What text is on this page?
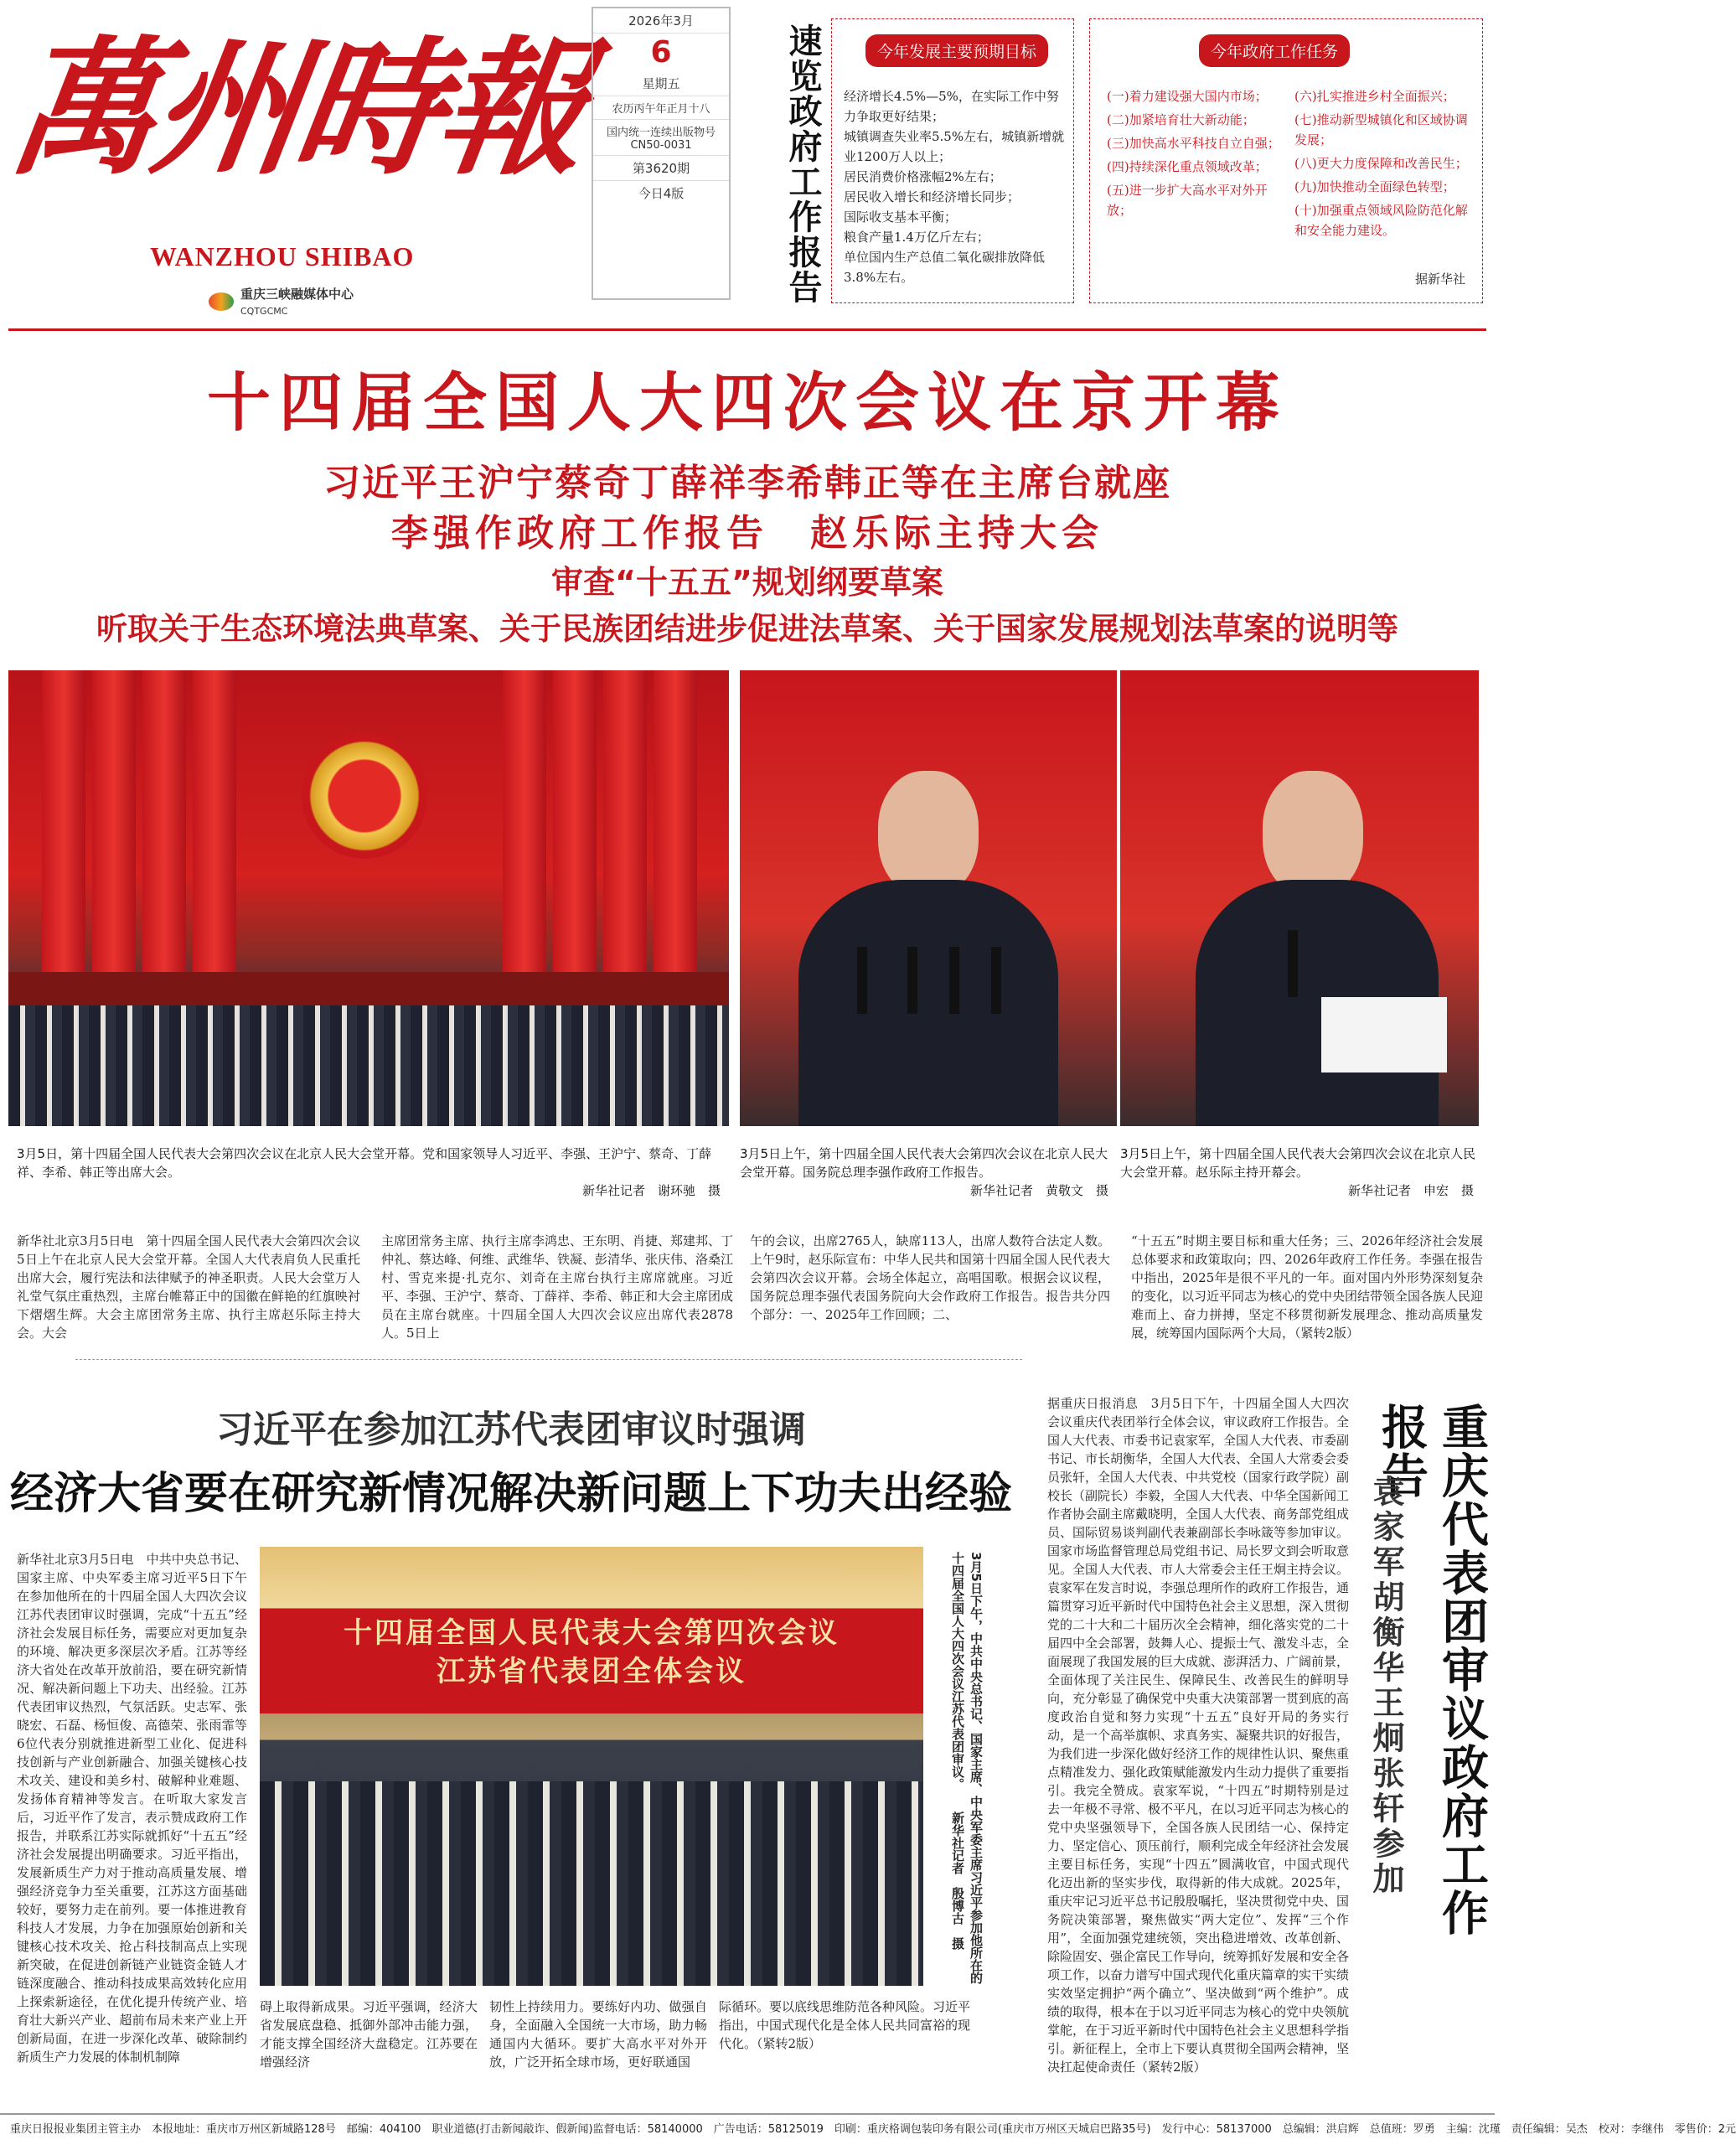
萬州時報
WANZHOU SHIBAO
重庆三峡融媒体中心
CQTGCMC
2026年3月
6
星期五
农历丙午年正月十八
国内统一连续出版物号
CN50-0031
第3620期
今日4版	速览政府工作报告	今年发展主要预期目标

经济增长4.5%—5%，在实际工作中努力争取更好结果；

城镇调查失业率5.5%左右，城镇新增就业1200万人以上；

居民消费价格涨幅2%左右；

居民收入增长和经济增长同步；

国际收支基本平衡；

粮食产量1.4万亿斤左右；

单位国内生产总值二氧化碳排放降低3.8%左右。

今年政府工作任务

(一)着力建设强大国内市场；

(二)加紧培育壮大新动能；

(三)加快高水平科技自立自强；

(四)持续深化重点领域改革；

(五)进一步扩大高水平对外开放；

(六)扎实推进乡村全面振兴；

(七)推动新型城镇化和区域协调发展；

(八)更大力度保障和改善民生；

(九)加快推动全面绿色转型；

(十)加强重点领域风险防范化解和安全能力建设。

据新华社
十四届全国人大四次会议在京开幕
习近平王沪宁蔡奇丁薛祥李希韩正等在主席台就座
李强作政府工作报告　赵乐际主持大会
审查“十五五”规划纲要草案
听取关于生态环境法典草案、关于民族团结进步促进法草案、关于国家发展规划法草案的说明等
3月5日，第十四届全国人民代表大会第四次会议在北京人民大会堂开幕。党和国家领导人习近平、李强、王沪宁、蔡奇、丁薛祥、李希、韩正等出席大会。
新华社记者　谢环驰　摄
3月5日上午，第十四届全国人民代表大会第四次会议在北京人民大会堂开幕。国务院总理李强作政府工作报告。
新华社记者　黄敬文　摄
3月5日上午，第十四届全国人民代表大会第四次会议在北京人民大会堂开幕。赵乐际主持开幕会。
新华社记者　申宏　摄
新华社北京3月5日电　第十四届全国人民代表大会第四次会议5日上午在北京人民大会堂开幕。全国人大代表肩负人民重托出席大会，履行宪法和法律赋予的神圣职责。人民大会堂万人礼堂气氛庄重热烈，主席台帷幕正中的国徽在鲜艳的红旗映衬下熠熠生辉。大会主席团常务主席、执行主席赵乐际主持大会。大会
主席团常务主席、执行主席李鸿忠、王东明、肖捷、郑建邦、丁仲礼、蔡达峰、何维、武维华、铁凝、彭清华、张庆伟、洛桑江村、雪克来提·扎克尔、刘奇在主席台执行主席席就座。习近平、李强、王沪宁、蔡奇、丁薛祥、李希、韩正和大会主席团成员在主席台就座。十四届全国人大四次会议应出席代表2878人。5日上
午的会议，出席2765人，缺席113人，出席人数符合法定人数。上午9时，赵乐际宣布：中华人民共和国第十四届全国人民代表大会第四次会议开幕。会场全体起立，高唱国歌。根据会议议程，国务院总理李强代表国务院向大会作政府工作报告。报告共分四个部分：一、2025年工作回顾；二、
“十五五”时期主要目标和重大任务；三、2026年经济社会发展总体要求和政策取向；四、2026年政府工作任务。李强在报告中指出，2025年是很不平凡的一年。面对国内外形势深刻复杂的变化，以习近平同志为核心的党中央团结带领全国各族人民迎难而上、奋力拼搏，坚定不移贯彻新发展理念、推动高质量发展，统筹国内国际两个大局，（紧转2版）
习近平在参加江苏代表团审议时强调
经济大省要在研究新情况解决新问题上下功夫出经验
新华社北京3月5日电　中共中央总书记、国家主席、中央军委主席习近平5日下午在参加他所在的十四届全国人大四次会议江苏代表团审议时强调，完成“十五五”经济社会发展目标任务，需要应对更加复杂的环境、解决更多深层次矛盾。江苏等经济大省处在改革开放前沿，要在研究新情况、解决新问题上下功夫、出经验。江苏代表团审议热烈，气氛活跃。史志军、张晓宏、石磊、杨恒俊、高德荣、张雨霏等6位代表分别就推进新型工业化、促进科技创新与产业创新融合、加强关键核心技术攻关、建设和美乡村、破解种业难题、发扬体育精神等发言。在听取大家发言后，习近平作了发言，表示赞成政府工作报告，并联系江苏实际就抓好“十五五”经济社会发展提出明确要求。习近平指出，发展新质生产力对于推动高质量发展、增强经济竞争力至关重要，江苏这方面基础较好，要努力走在前列。要一体推进教育科技人才发展，力争在加强原始创新和关键核心技术攻关、抢占科技制高点上实现新突破，在促进创新链产业链资金链人才链深度融合、推动科技成果高效转化应用上探索新途径，在优化提升传统产业、培育壮大新兴产业、超前布局未来产业上开创新局面，在进一步深化改革、破除制约新质生产力发展的体制机制障
十四届全国人民代表大会第四次会议
江苏省代表团全体会议	3月5日下午，中共中央总书记、国家主席、中央军委主席习近平参加他所在的十四届全国人大四次会议江苏代表团审议。 新华社记者　殷博古　摄
碍上取得新成果。习近平强调，经济大省发展底盘稳、抵御外部冲击能力强，才能支撑全国经济大盘稳定。江苏要在增强经济
韧性上持续用力。要练好内功、做强自身，全面融入全国统一大市场，助力畅通国内大循环。要扩大高水平对外开放，广泛开拓全球市场，更好联通国
际循环。要以底线思维防范各种风险。习近平指出，中国式现代化是全体人民共同富裕的现代化。（紧转2版）
据重庆日报消息　3月5日下午，十四届全国人大四次会议重庆代表团举行全体会议，审议政府工作报告。全国人大代表、市委书记袁家军，全国人大代表、市委副书记、市长胡衡华，全国人大代表、全国人大常委会委员张轩，全国人大代表、中共党校（国家行政学院）副校长（副院长）李毅，全国人大代表、中华全国新闻工作者协会副主席戴晓明，全国人大代表、商务部党组成员、国际贸易谈判副代表兼副部长李咏箴等参加审议。国家市场监督管理总局党组书记、局长罗文到会听取意见。全国人大代表、市人大常委会主任王炯主持会议。袁家军在发言时说，李强总理所作的政府工作报告，通篇贯穿习近平新时代中国特色社会主义思想，深入贯彻党的二十大和二十届历次全会精神，细化落实党的二十届四中全会部署，鼓舞人心、提振士气、激发斗志，全面展现了我国发展的巨大成就、澎湃活力、广阔前景，全面体现了关注民生、保障民生、改善民生的鲜明导向，充分彰显了确保党中央重大决策部署一贯到底的高度政治自觉和努力实现“十五五”良好开局的务实行动，是一个高举旗帜、求真务实、凝聚共识的好报告，为我们进一步深化做好经济工作的规律性认识、聚焦重点精准发力、强化政策赋能激发内生动力提供了重要指引。我完全赞成。袁家军说，“十四五”时期特别是过去一年极不寻常、极不平凡，在以习近平同志为核心的党中央坚强领导下，全国各族人民团结一心、保持定力、坚定信心、顶压前行，顺利完成全年经济社会发展主要目标任务，实现“十四五”圆满收官，中国式现代化迈出新的坚实步伐，取得新的伟大成就。2025年，重庆牢记习近平总书记殷殷嘱托，坚决贯彻党中央、国务院决策部署，聚焦做实“两大定位”、发挥“三个作用”，全面加强党建统领，突出稳进增效、改革创新、除险固安、强企富民工作导向，统筹抓好发展和安全各项工作，以奋力谱写中国式现代化重庆篇章的实干实绩实效坚定拥护“两个确立”、坚决做到“两个维护”。成绩的取得，根本在于以习近平同志为核心的党中央领航掌舵，在于习近平新时代中国特色社会主义思想科学指引。新征程上，全市上下要认真贯彻全国两会精神，坚决扛起使命责任（紧转2版）
重庆代表团审议政府工作报告
袁家军胡衡华王炯张轩参加
重庆日报报业集团主管主办　本报地址：重庆市万州区新城路128号　邮编：404100　职业道德(打击新闻敲诈、假新闻)监督电话：58140000　广告电话：58125019　印刷：重庆格调包装印务有限公司(重庆市万州区天城启巴路35号)　发行中心：58137000　总编辑：洪启辉　总值班：罗勇　主编：沈瑾　责任编辑：吴杰　校对：李继伟　零售价：2元
